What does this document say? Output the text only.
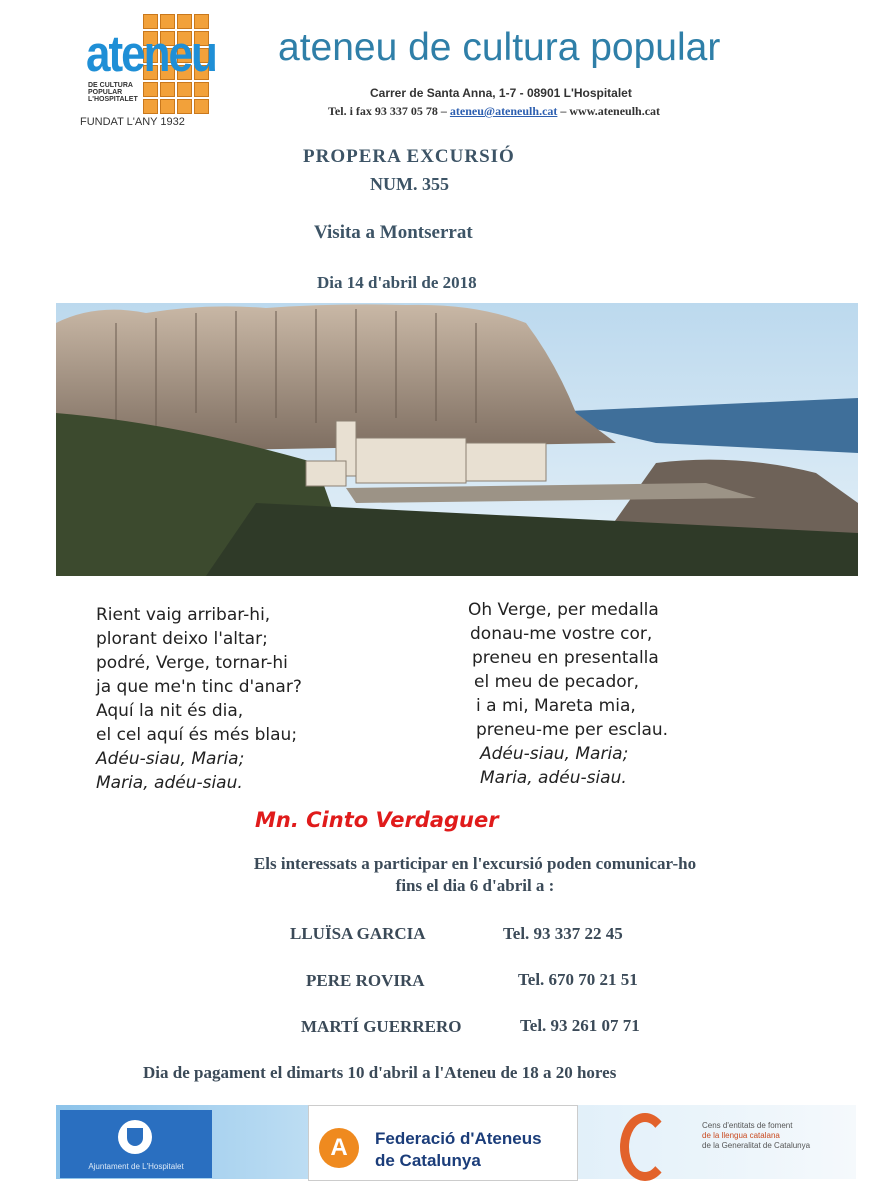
ateneu
DE CULTURA POPULAR L'HOSPITALET
FUNDAT L'ANY 1932
ateneu de cultura popular
Carrer de Santa Anna, 1-7 - 08901 L'Hospitalet
Tel. i fax 93 337 05 78 – ateneu@ateneulh.cat – www.ateneulh.cat
PROPERA EXCURSIÓ
NUM. 355
Visita a Montserrat
Dia 14 d'abril de 2018
Rient vaig arribar-hi,
plorant deixo l'altar;
podré, Verge, tornar-hi
ja que me'n tinc d'anar?
Aquí la nit és dia,
el cel aquí és més blau;
Adéu-siau, Maria;
Maria, adéu-siau.
Oh Verge, per medalla
donau-me vostre cor,
preneu en presentalla
el meu de pecador,
i a mi, Mareta mia,
preneu-me per esclau.
Adéu-siau, Maria;
Maria, adéu-siau.
Mn. Cinto Verdaguer
Els interessats a participar en l'excursió poden comunicar-ho
fins el dia 6 d'abril a :
LLUÏSA GARCIA	Tel. 93 337 22 45
PERE ROVIRA	Tel. 670 70 21 51
MARTÍ GUERRERO	Tel. 93 261 07 71
Dia de pagament el dimarts 10 d'abril a l'Ateneu de 18 a 20 hores
Ajuntament de L'Hospitalet
A	Federació d'Ateneus
de Catalunya
Cens d'entitats de foment
de la llengua catalana
de la Generalitat de Catalunya
